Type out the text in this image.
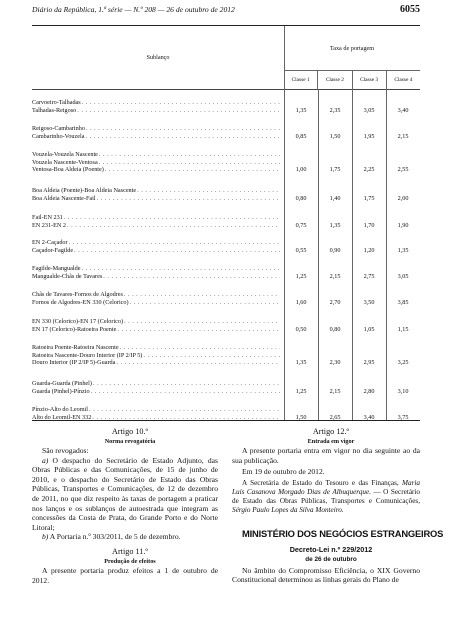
Diário da República, 1.ª série — N.º 208 — 26 de outubro de 2012	6055
Sublanço
Taxa de portagem
Classe 1	Classe 2	Classe 3	Classe 4
Carvoeiro-Talhadas
. . .
Talhadas-Reigoso . . .	1,35	2,35	3,05	3,40
Reigoso-Cambarinho
. . .
Cambarinho-Vouzela . . .	0,85	1,50	1,95	2,15
Vouzela-Vouzela Nascente
. . .
Vouzela Nascente-Ventosa
. . .
Ventosa-Boa Aldeia (Poente) . . .	1,00	1,75	2,25	2,55
Boa Aldeia (Poente)-Boa Aldeia Nascente
. . .
Boa Aldeia Nascente-Fail . . .	0,80	1,40	1,75	2,00
Fail-EN 231
. . .
EN 231-EN 2 . . .	0,75	1,35	1,70	1,90
EN 2-Caçador
. . .
Caçador-Fagilde . . .	0,55	0,90	1,20	1,35
Fagilde-Mangualde
. . .
Mangualde-Chãs de Tavares . . .	1,25	2,15	2,75	3,05
Chãs de Tavares-Fornos de Algodres
. . .
Fornos de Algodres-EN 330 (Celorico) . . .	1,60	2,70	3,50	3,85
EN 330 (Celorico)-EN 17 (Celorico)
. . .
EN 17 (Celorico)-Ratoeira Poente . . .	0,50	0,80	1,05	1,15
Ratoeira Poente-Ratoeira Nascente
. . .
Ratoeira Nascente-Douro Interior (IP 2/IP 5)
. . .
Douro Interior (IP 2/IP 5)-Guarda . . .	1,35	2,30	2,95	3,25
Guarda-Guarda (Pinhel)
. . .
Guarda (Pinhel)-Pínzio . . .	1,25	2,15	2,80	3,10
Pínzio-Alto do Leomil
. . .
Alto do Leomil-EN 332 . . .	1,50	2,65	3,40	3,75

Artigo 10.º

Norma revogatória

São revogados:

a) O despacho do Secretário de Estado Adjunto, das Obras Públicas e das Comunicações, de 15 de junho de 2010, e o despacho do Secretário de Estado das Obras Públicas, Transportes e Comunicações, de 12 de dezembro de 2011, no que diz respeito às taxas de portagem a praticar nos lanços e os sublanços de autoestrada que integram as concessões da Costa de Prata, do Grande Porto e do Norte Litoral;

b) A Portaria n.º 303/2011, de 5 de dezembro.

Artigo 11.º

Produção de efeitos

A presente portaria produz efeitos a 1 de outubro de 2012.

Artigo 12.º

Entrada em vigor

A presente portaria entra em vigor no dia seguinte ao da sua publicação.

Em 19 de outubro de 2012.

A Secretária de Estado do Tesouro e das Finanças, Maria Luís Casanova Morgado Dias de Albuquerque. — O Secretário de Estado das Obras Públicas, Transportes e Comunicações, Sérgio Paulo Lopes da Silva Monteiro.

MINISTÉRIO DOS NEGÓCIOS ESTRANGEIROS

Decreto-Lei n.º 229/2012

de 26 de outubro

No âmbito do Compromisso Eficiência, o XIX Governo Constitucional determinou as linhas gerais do Plano de
